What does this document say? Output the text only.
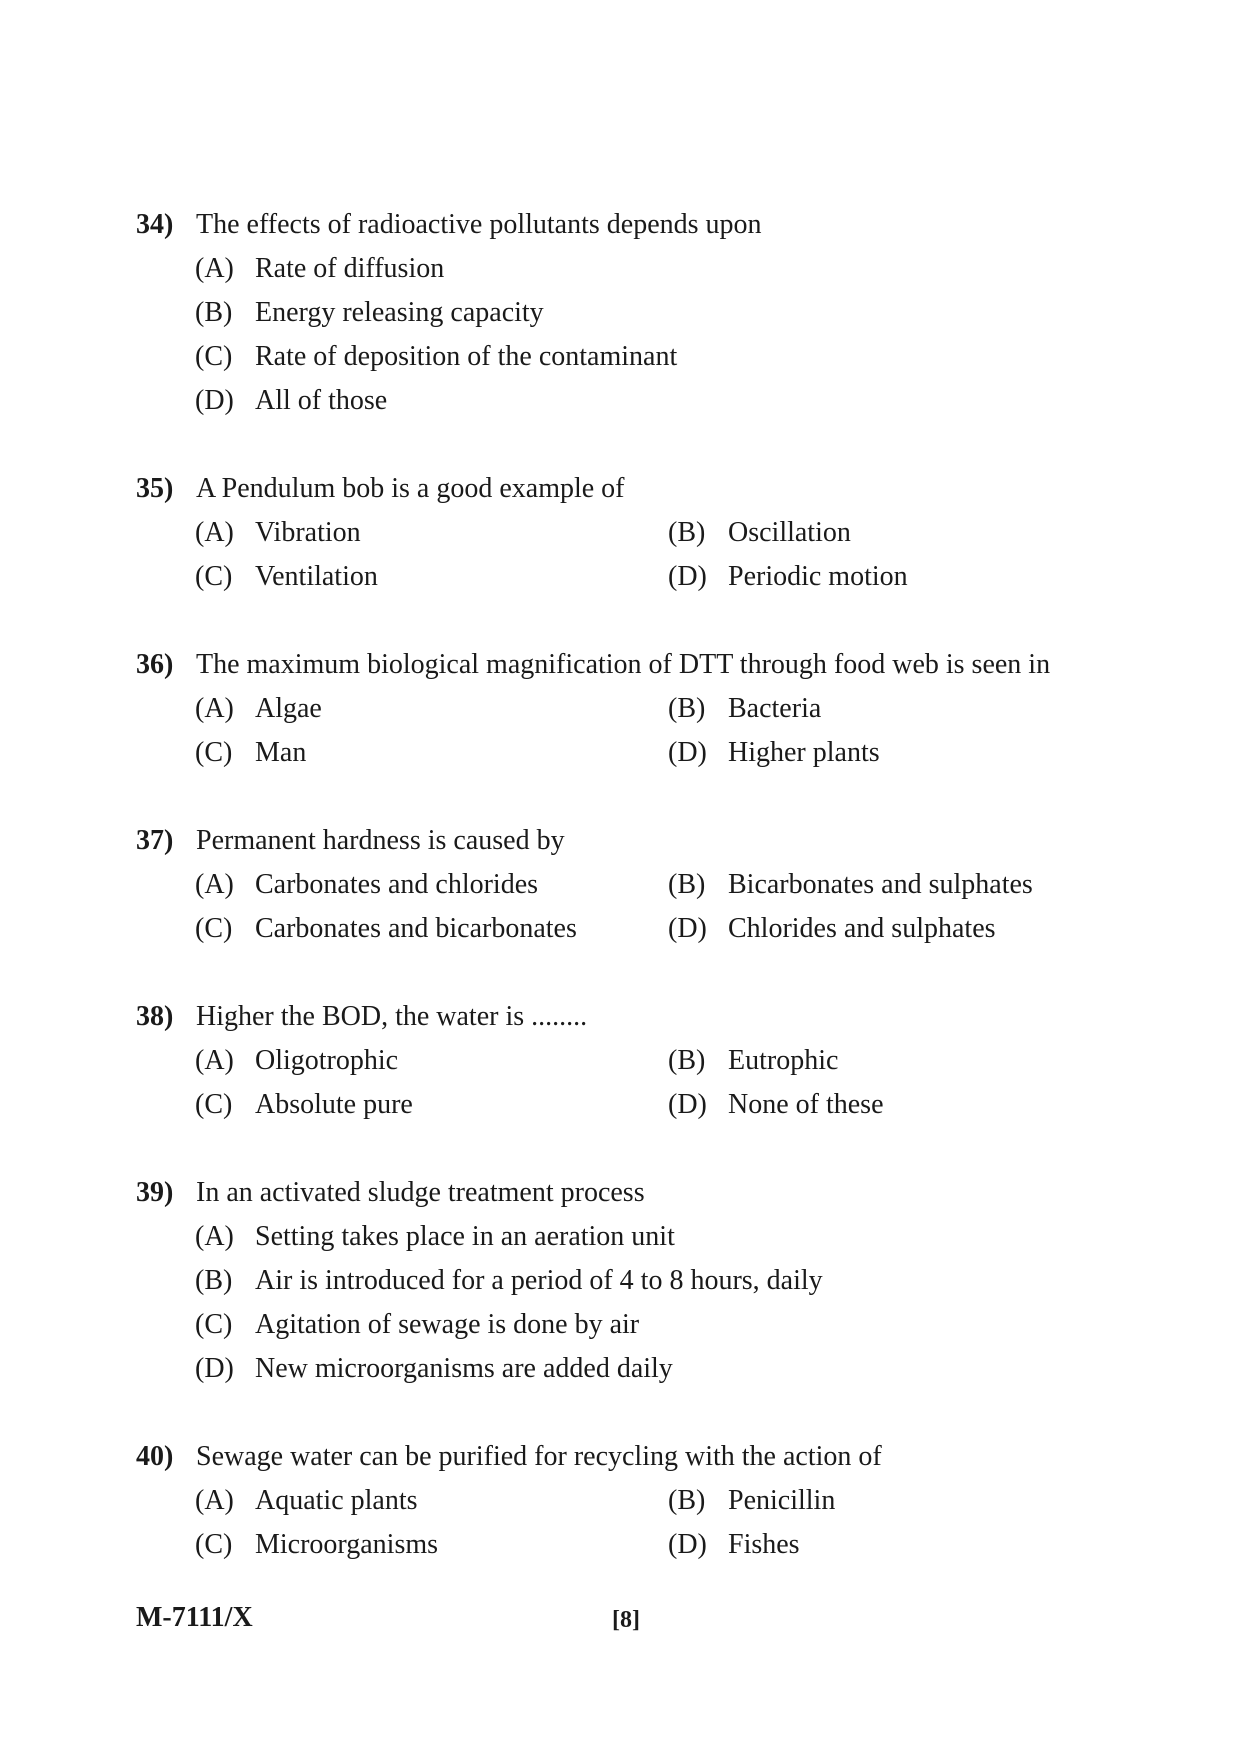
34) The effects of radioactive pollutants depends upon
(A) Rate of diffusion
(B) Energy releasing capacity
(C) Rate of deposition of the contaminant
(D) All of those
35) A Pendulum bob is a good example of
(A) Vibration	(B) Oscillation
(C) Ventilation	(D) Periodic motion
36) The maximum biological magnification of DTT through food web is seen in
(A) Algae	(B) Bacteria
(C) Man	(D) Higher plants
37) Permanent hardness is caused by
(A) Carbonates and chlorides	(B) Bicarbonates and sulphates
(C) Carbonates and bicarbonates	(D) Chlorides and sulphates
38) Higher the BOD, the water is ........
(A) Oligotrophic	(B) Eutrophic
(C) Absolute pure	(D) None of these
39) In an activated sludge treatment process
(A) Setting takes place in an aeration unit
(B) Air is introduced for a period of 4 to 8 hours, daily
(C) Agitation of sewage is done by air
(D) New microorganisms are added daily
40) Sewage water can be purified for recycling with the action of
(A) Aquatic plants	(B) Penicillin
(C) Microorganisms	(D) Fishes
M-7111/X	[8]
